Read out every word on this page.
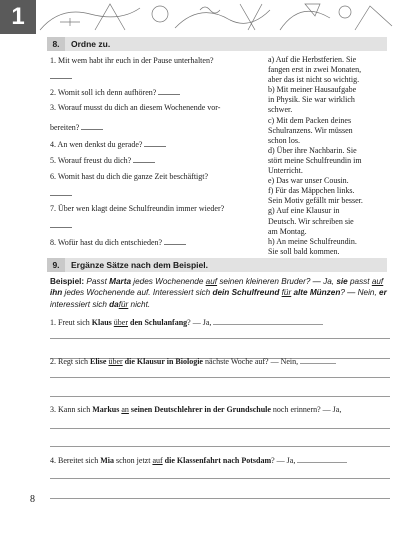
1
8. Ordne zu.
1. Mit wem habt ihr euch in der Pause unterhalten?
2. Womit soll ich denn aufhören?
3. Worauf musst du dich an diesem Wochenende vor-
bereiten?
4. An wen denkst du gerade?
5. Worauf freust du dich?
6. Womit hast du dich die ganze Zeit beschäftigt?
7. Über wen klagt deine Schulfreundin immer wieder?
8. Wofür hast du dich entschieden?
a) Auf die Herbstferien. Sie
fangen erst in zwei Monaten,
aber das ist nicht so wichtig.
b) Mit meiner Hausaufgabe
in Physik. Sie war wirklich
schwer.
c) Mit dem Packen deines
Schulranzens. Wir müssen
schon los.
d) Über ihre Nachbarin. Sie
stört meine Schulfreundin im
Unterricht.
e) Das war unser Cousin.
f) Für das Mäppchen links.
Sein Motiv gefällt mir besser.
g) Auf eine Klausur in
Deutsch. Wir schreiben sie
am Montag.
h) An meine Schulfreundin.
Sie soll bald kommen.
9. Ergänze Sätze nach dem Beispiel.
Beispiel: Passt Marta jedes Wochenende auf seinen kleineren Bruder? — Ja, sie passt auf ihn jedes Wochenende auf. Interessiert sich dein Schulfreund für alte Münzen? — Nein, er interessiert sich dafür nicht.
1. Freut sich Klaus über den Schulanfang? — Ja,
2. Regt sich Elise über die Klausur in Biologie nächste Woche auf? — Nein,
3. Kann sich Markus an seinen Deutschlehrer in der Grundschule noch erinnern? — Ja,
4. Bereitet sich Mia schon jetzt auf die Klassenfahrt nach Potsdam? — Ja,
8
